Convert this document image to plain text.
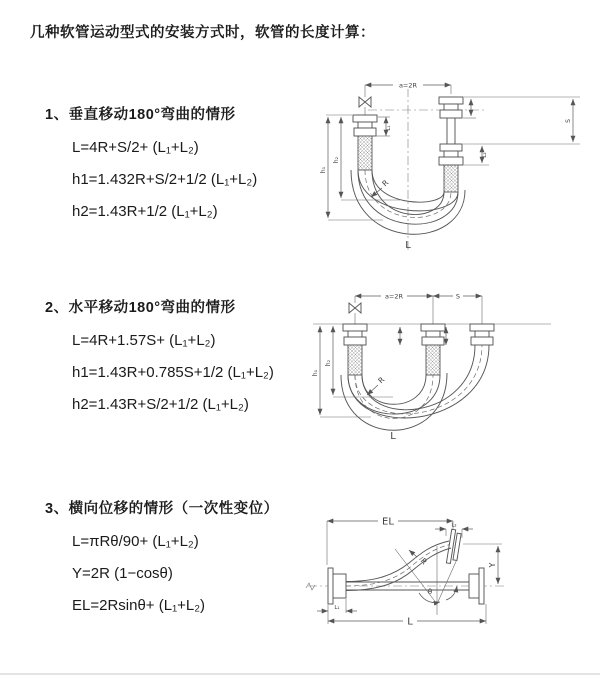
几种软管运动型式的安装方式时，软管的长度计算：
1、垂直移动180°弯曲的情形

L=4R+S/2+ (L₁+L₂)

h1=1.432R+S/2+1/2 (L₁+L₂)

h2=1.43R+1/2 (L₁+L₂)

a=2R
L₁
S
L₂
R
h₂
h₁
L
2、水平移动180°弯曲的情形

L=4R+1.57S+ (L₁+L₂)

h1=1.43R+0.785S+1/2 (L₁+L₂)

h2=1.43R+S/2+1/2 (L₁+L₂)

a=2R	S
R
h₂
h₁
L
3、横向位移的情形（一次性变位）

L=πRθ/90+ (L₁+L₂)

Y=2R (1−cosθ)

EL=2Rsinθ+ (L₁+L₂)

EL	L₂
θ
R	Y
L
L₁
